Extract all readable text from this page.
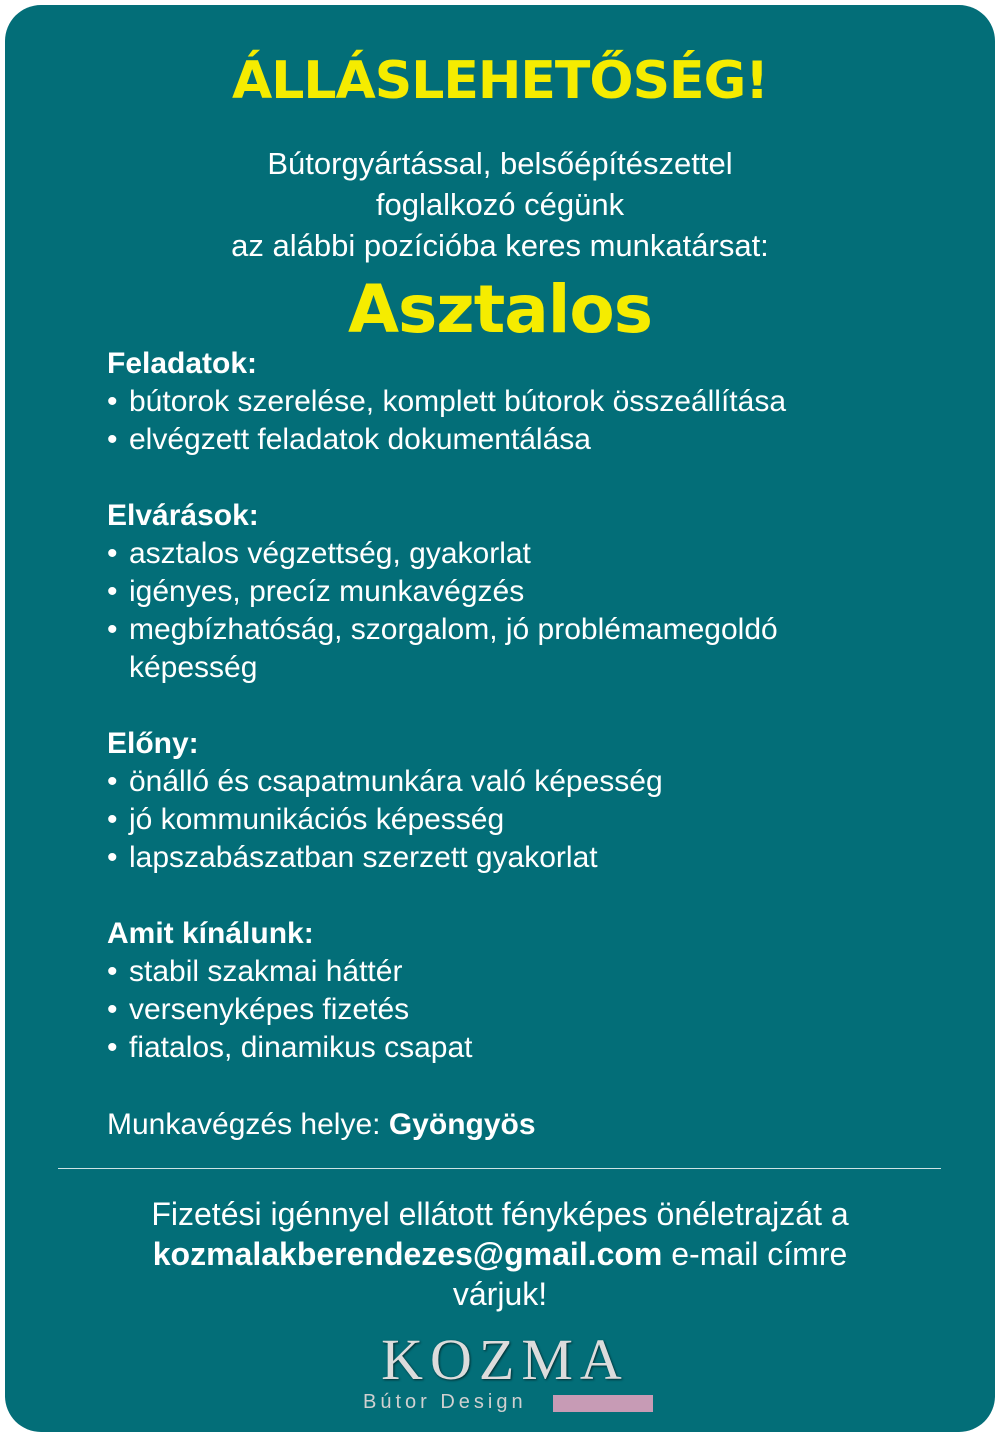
ÁLLÁSLEHETŐSÉG!
Bútorgyártással, belsőépítészettel
foglalkozó cégünk
az alábbi pozícióba keres munkatársat:
Asztalos
Feladatok:
• bútorok szerelése, komplett bútorok összeállítása
• elvégzett feladatok dokumentálása
Elvárások:
• asztalos végzettség, gyakorlat
• igényes, precíz munkavégzés
• megbízhatóság, szorgalom, jó problémamegoldó képesség
Előny:
• önálló és csapatmunkára való képesség
• jó kommunikációs képesség
• lapszabászatban szerzett gyakorlat
Amit kínálunk:
• stabil szakmai háttér
• versenyképes fizetés
• fiatalos, dinamikus csapat
Munkavégzés helye: Gyöngyös
Fizetési igénnyel ellátott fényképes önéletrajzát a
kozmalakberendezes@gmail.com e-mail címre
várjuk!
KOZMA
Bútor Design
